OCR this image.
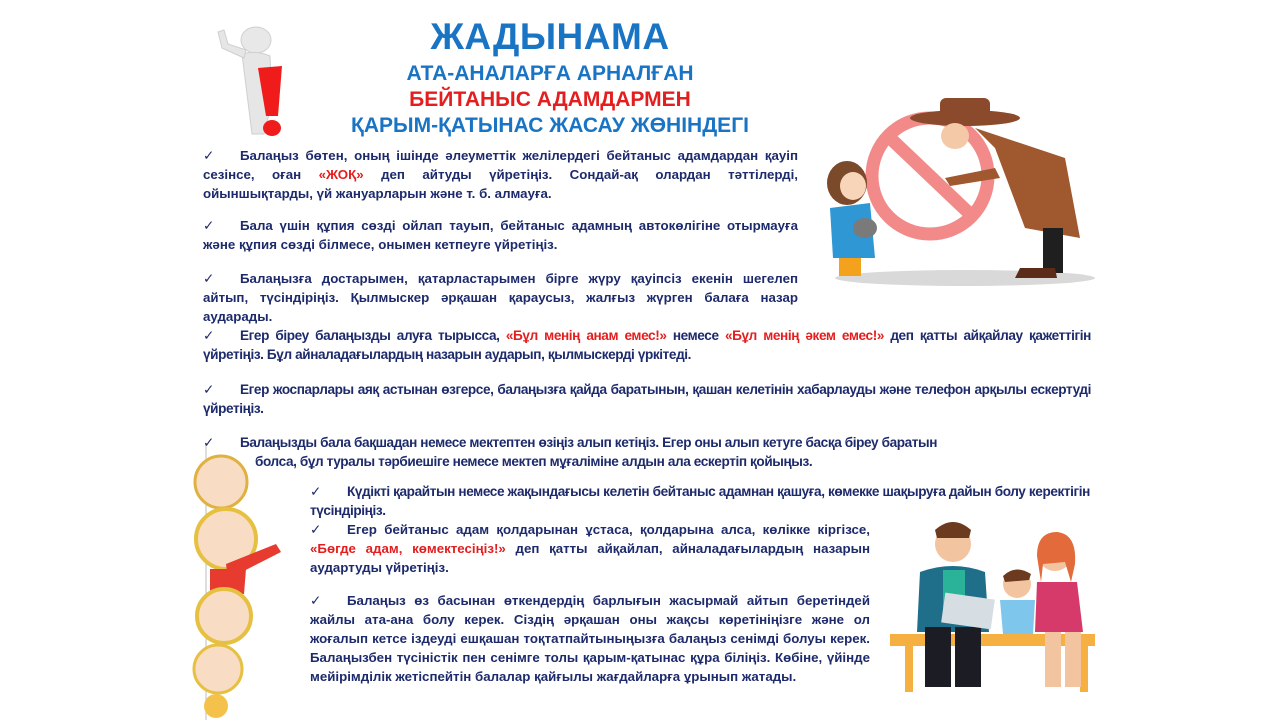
ЖАДЫНАМА
АТА-АНАЛАРҒА АРНАЛҒАН
БЕЙТАНЫС АДАМДАРМЕН
ҚАРЫМ-ҚАТЫНАС ЖАСАУ ЖӨНІНДЕГІ
✓ Балаңыз бөтен, оның ішінде әлеуметтік желілердегі бейтаныс адамдардан қауіп сезінсе, оған «ЖОҚ» деп айтуды үйретіңіз. Сондай-ақ олардан тәттілерді, ойыншықтарды, үй жануарларын және т. б. алмауға.
✓ Бала үшін құпия сөзді ойлап тауып, бейтаныс адамның автокөлігіне отырмауға және құпия сөзді білмесе, онымен кетпеуге үйретіңіз.
✓ Балаңызға достарымен, қатарластарымен бірге жүру қауіпсіз екенін шегелеп айтып, түсіндіріңіз. Қылмыскер әрқашан қараусыз, жалғыз жүрген балаға назар аударады.
✓ Егер біреу балаңызды алуға тырысса, «Бұл менің анам емес!» немесе «Бұл менің әкем емес!» деп қатты айқайлау қажеттігін үйретіңіз. Бұл айналадағылардың назарын аударып, қылмыскерді үркітеді.
✓ Егер жоспарлары аяқ астынан өзгерсе, балаңызға қайда баратынын, қашан келетінін хабарлауды және телефон арқылы ескертуді үйретіңіз.
✓ Балаңызды бала бақшадан немесе мектептен өзіңіз алып кетіңіз. Егер оны алып кетуге басқа біреу баратын
болса, бұл туралы тәрбиешіге немесе мектеп мұғаліміне алдын ала ескертіп қойыңыз.
✓ Күдікті қарайтын немесе жақындағысы келетін бейтаныс адамнан қашуға, көмекке шақыруға дайын болу керектігін түсіндіріңіз.
✓ Егер бейтаныс адам қолдарынан ұстаса, қолдарына алса, көлікке кіргізсе, «Бөгде адам, көмектесіңіз!» деп қатты айқайлап, айналадағылардың назарын аудартуды үйретіңіз.
✓ Балаңыз өз басынан өткендердің барлығын жасырмай айтып беретіндей жайлы ата-ана болу керек. Сіздің әрқашан оны жақсы көретініңізге және ол жоғалып кетсе іздеуді ешқашан тоқтатпайтыныңызға балаңыз сенімді болуы керек. Балаңызбен түсіністік пен сенімге толы қарым-қатынас құра біліңіз. Көбіне, үйінде мейірімділік жетіспейтін балалар қайғылы жағдайларға ұрынып жатады.
